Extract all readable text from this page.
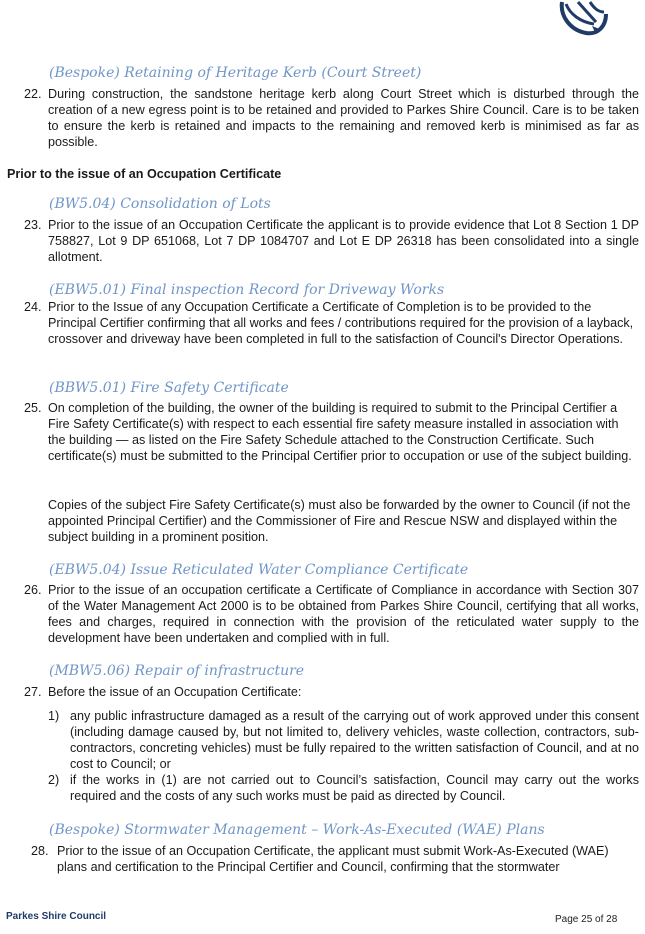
(Bespoke) Retaining of Heritage Kerb (Court Street)
22. During construction, the sandstone heritage kerb along Court Street which is disturbed through the creation of a new egress point is to be retained and provided to Parkes Shire Council. Care is to be taken to ensure the kerb is retained and impacts to the remaining and removed kerb is minimised as far as possible.
Prior to the issue of an Occupation Certificate
(BW5.04) Consolidation of Lots
23. Prior to the issue of an Occupation Certificate the applicant is to provide evidence that Lot 8 Section 1 DP 758827, Lot 9 DP 651068, Lot 7 DP 1084707 and Lot E DP 26318 has been consolidated into a single allotment.
(EBW5.01) Final inspection Record for Driveway Works
24. Prior to the Issue of any Occupation Certificate a Certificate of Completion is to be provided to the Principal Certifier confirming that all works and fees / contributions required for the provision of a layback, crossover and driveway have been completed in full to the satisfaction of Council's Director Operations.
(BBW5.01) Fire Safety Certificate
25. On completion of the building, the owner of the building is required to submit to the Principal Certifier a Fire Safety Certificate(s) with respect to each essential fire safety measure installed in association with the building — as listed on the Fire Safety Schedule attached to the Construction Certificate. Such certificate(s) must be submitted to the Principal Certifier prior to occupation or use of the subject building.
Copies of the subject Fire Safety Certificate(s) must also be forwarded by the owner to Council (if not the appointed Principal Certifier) and the Commissioner of Fire and Rescue NSW and displayed within the subject building in a prominent position.
(EBW5.04) Issue Reticulated Water Compliance Certificate
26. Prior to the issue of an occupation certificate a Certificate of Compliance in accordance with Section 307 of the Water Management Act 2000 is to be obtained from Parkes Shire Council, certifying that all works, fees and charges, required in connection with the provision of the reticulated water supply to the development have been undertaken and complied with in full.
(MBW5.06) Repair of infrastructure
27. Before the issue of an Occupation Certificate:
1) any public infrastructure damaged as a result of the carrying out of work approved under this consent (including damage caused by, but not limited to, delivery vehicles, waste collection, contractors, sub-contractors, concreting vehicles) must be fully repaired to the written satisfaction of Council, and at no cost to Council; or
2) if the works in (1) are not carried out to Council’s satisfaction, Council may carry out the works required and the costs of any such works must be paid as directed by Council.
(Bespoke) Stormwater Management – Work-As-Executed (WAE) Plans
28. Prior to the issue of an Occupation Certificate, the applicant must submit Work-As-Executed (WAE) plans and certification to the Principal Certifier and Council, confirming that the stormwater
Parkes Shire Council	Page 25 of 28
